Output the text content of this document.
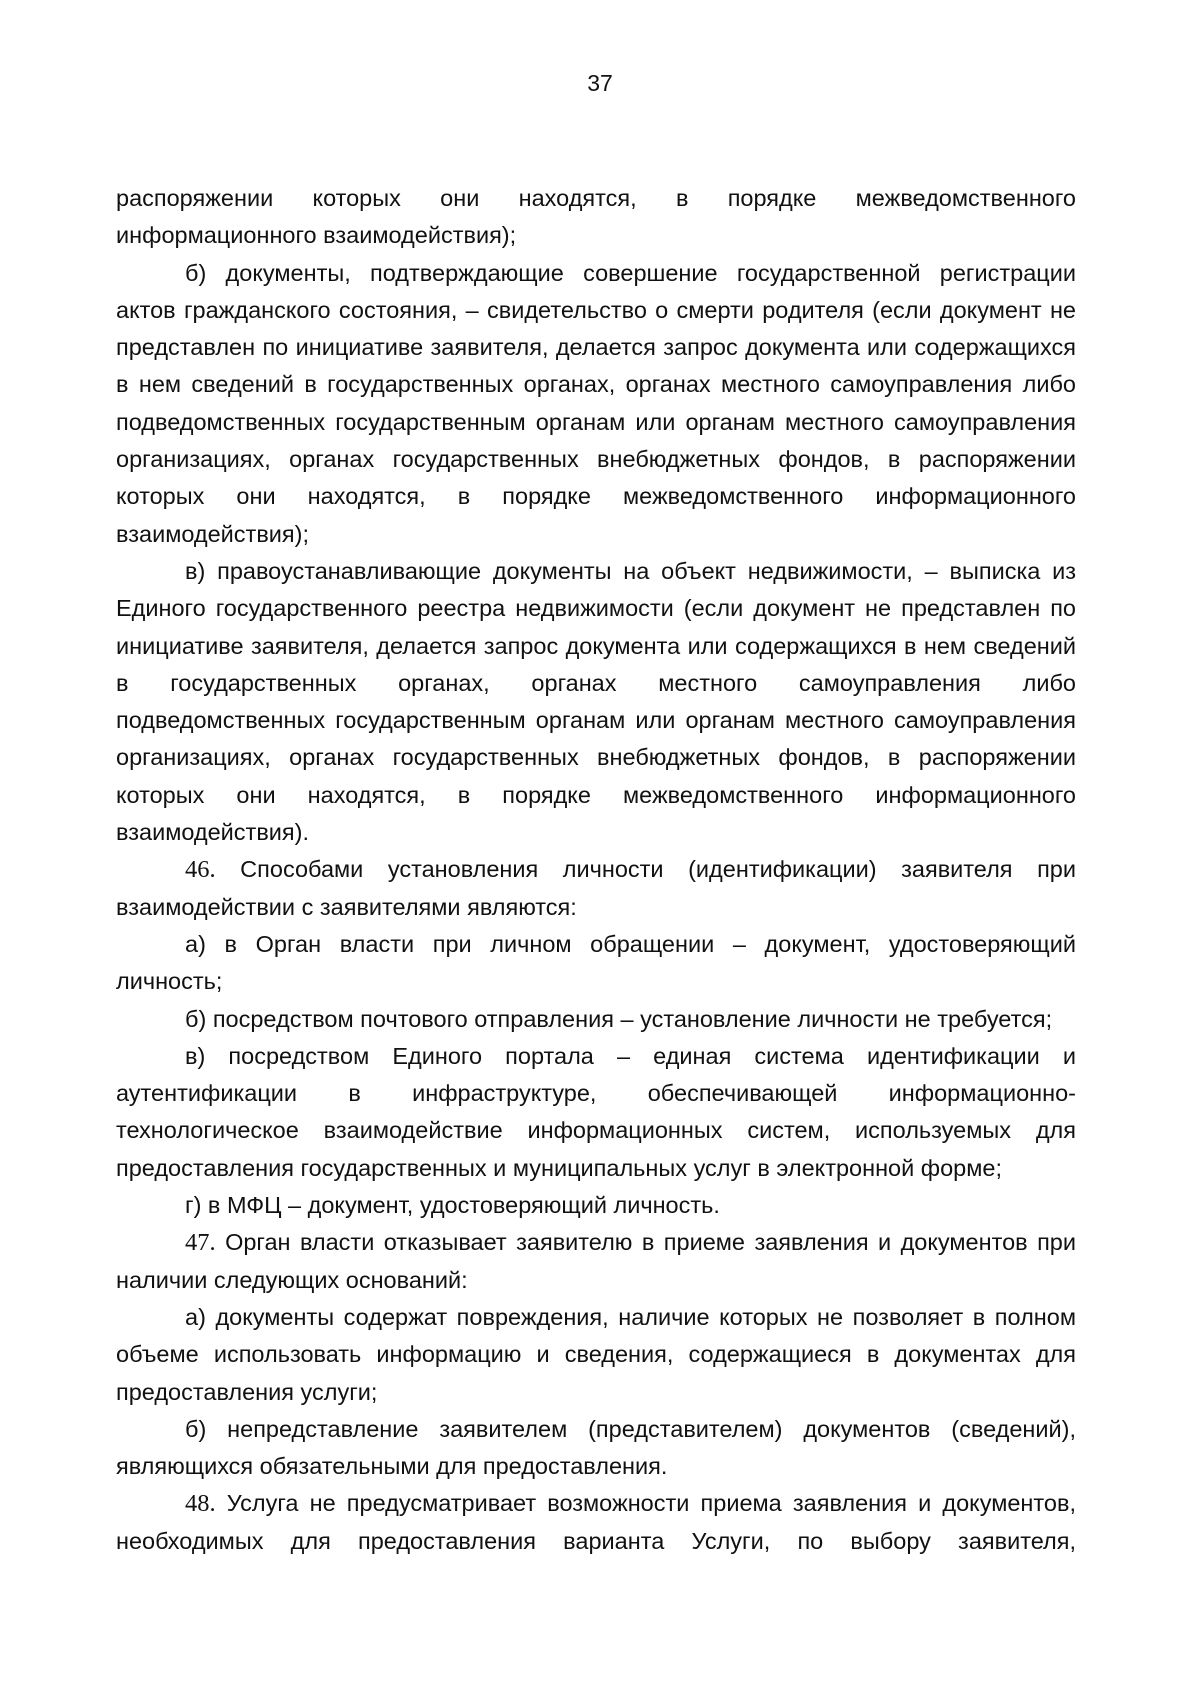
37

распоряжении которых они находятся, в порядке межведомственного информационного взаимодействия);

б) документы, подтверждающие совершение государственной регистрации актов гражданского состояния, – свидетельство о смерти родителя (если документ не представлен по инициативе заявителя, делается запрос документа или содержащихся в нем сведений в государственных органах, органах местного самоуправления либо подведомственных государственным органам или органам местного самоуправления организациях, органах государственных внебюджетных фондов, в распоряжении которых они находятся, в порядке межведомственного информационного взаимодействия);

в) правоустанавливающие документы на объект недвижимости, – выписка из Единого государственного реестра недвижимости (если документ не представлен по инициативе заявителя, делается запрос документа или содержащихся в нем сведений в государственных органах, органах местного самоуправления либо подведомственных государственным органам или органам местного самоуправления организациях, органах государственных внебюджетных фондов, в распоряжении которых они находятся, в порядке межведомственного информационного взаимодействия).

46. Способами установления личности (идентификации) заявителя при взаимодействии с заявителями являются:

а) в Орган власти при личном обращении – документ, удостоверяющий личность;

б) посредством почтового отправления – установление личности не требуется;

в) посредством Единого портала – единая система идентификации и аутентификации в инфраструктуре, обеспечивающей информационно-технологическое взаимодействие информационных систем, используемых для предоставления государственных и муниципальных услуг в электронной форме;

г) в МФЦ – документ, удостоверяющий личность.

47. Орган власти отказывает заявителю в приеме заявления и документов при наличии следующих оснований:

а) документы содержат повреждения, наличие которых не позволяет в полном объеме использовать информацию и сведения, содержащиеся в документах для предоставления услуги;

б) непредставление заявителем (представителем) документов (сведений), являющихся обязательными для предоставления.

48. Услуга не предусматривает возможности приема заявления и документов, необходимых для предоставления варианта Услуги, по выбору заявителя,
